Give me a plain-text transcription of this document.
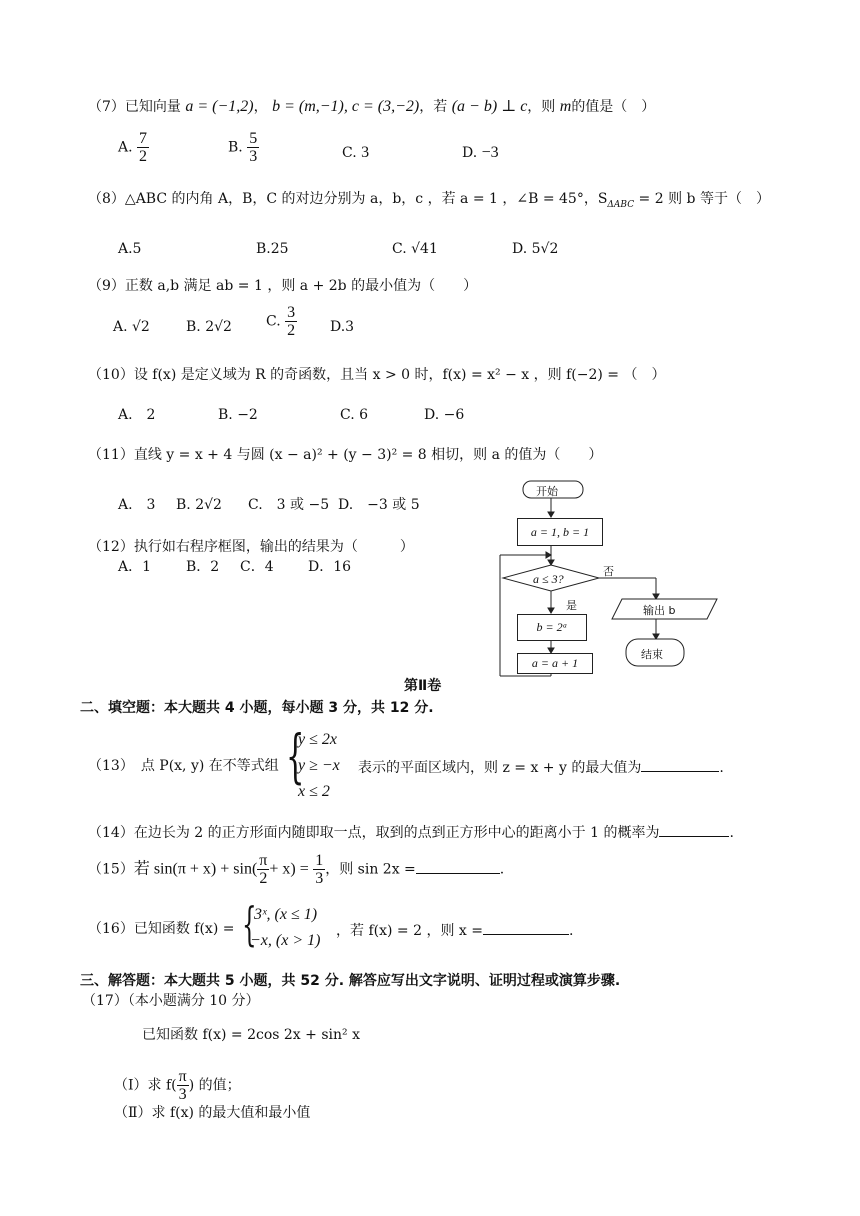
（7）已知向量 a = (−1,2)， b = (m,−1), c = (3,−2)，若 (a − b) ⊥ c，则 m的值是（　）
A. $\frac{7}{2}$	B. $\frac{5}{3}$	C. 3	D. −3
（8）△ABC 的内角 A，B，C 的对边分别为 a，b，c ，若 a = 1 ，∠B = 45°，$S_{\Delta ABC} = 2$ 则 b 等于（　）
A.5	B.25	C. √41	D. 5√2
（9）正数 a,b 满足 ab = 1 ，则 a + 2b 的最小值为（　　）
A. √2	B. 2√2 C. $\frac{3}{2} D.3$
（10）设 f(x) 是定义域为 R 的奇函数，且当 x > 0 时，f(x) = x² − x ，则 f(−2) = （　）
A.　2	B. −2	C. 6	D. −6
（11）直线 y = x + 4 与圆 (x − a)² + (y − 3)² = 8 相切，则 a 的值为（　　）
A.　3 B. 2√2 C.　3 或 −5 D.　−3 或 5
（12）执行如右程序框图，输出的结果为（　　　）
A．1 B．2 C．4 D．16
开始
a = 1, b = 1
a ≤ 3?
否
是
b = 2ᵃ
a = a + 1
输出 b
结束
第Ⅱ卷
二、填空题：本大题共 4 小题，每小题 3 分，共 12 分.
（13）　 点 P(x, y) 在不等式组 {
y ≤ 2x
y ≥ −x
x ≤ 2
表示的平面区域内，则 z = x + y 的最大值为	.
（14）在边长为 2 的正方形面内随即取一点，取到的点到正方形中心的距离小于 1 的概率为	.
（15）若 $\sin(\pi + x) + \sin( \frac{\pi}{2} + x) = \frac{1}{3}$ ，则 sin 2x =	.
（16）已知函数 f(x) = {
3ˣ, (x ≤ 1)
−x, (x > 1)
，若 f(x) = 2 ，则 x =	.
三、解答题：本大题共 5 小题，共 52 分. 解答应写出文字说明、证明过程或演算步骤.
（17）（本小题满分 10 分）
已知函数 f(x) = 2cos 2x + sin² x
（Ⅰ）求 $f( \frac{\pi}{3}$ ) 的值；
（Ⅱ）求 f(x) 的最大值和最小值
